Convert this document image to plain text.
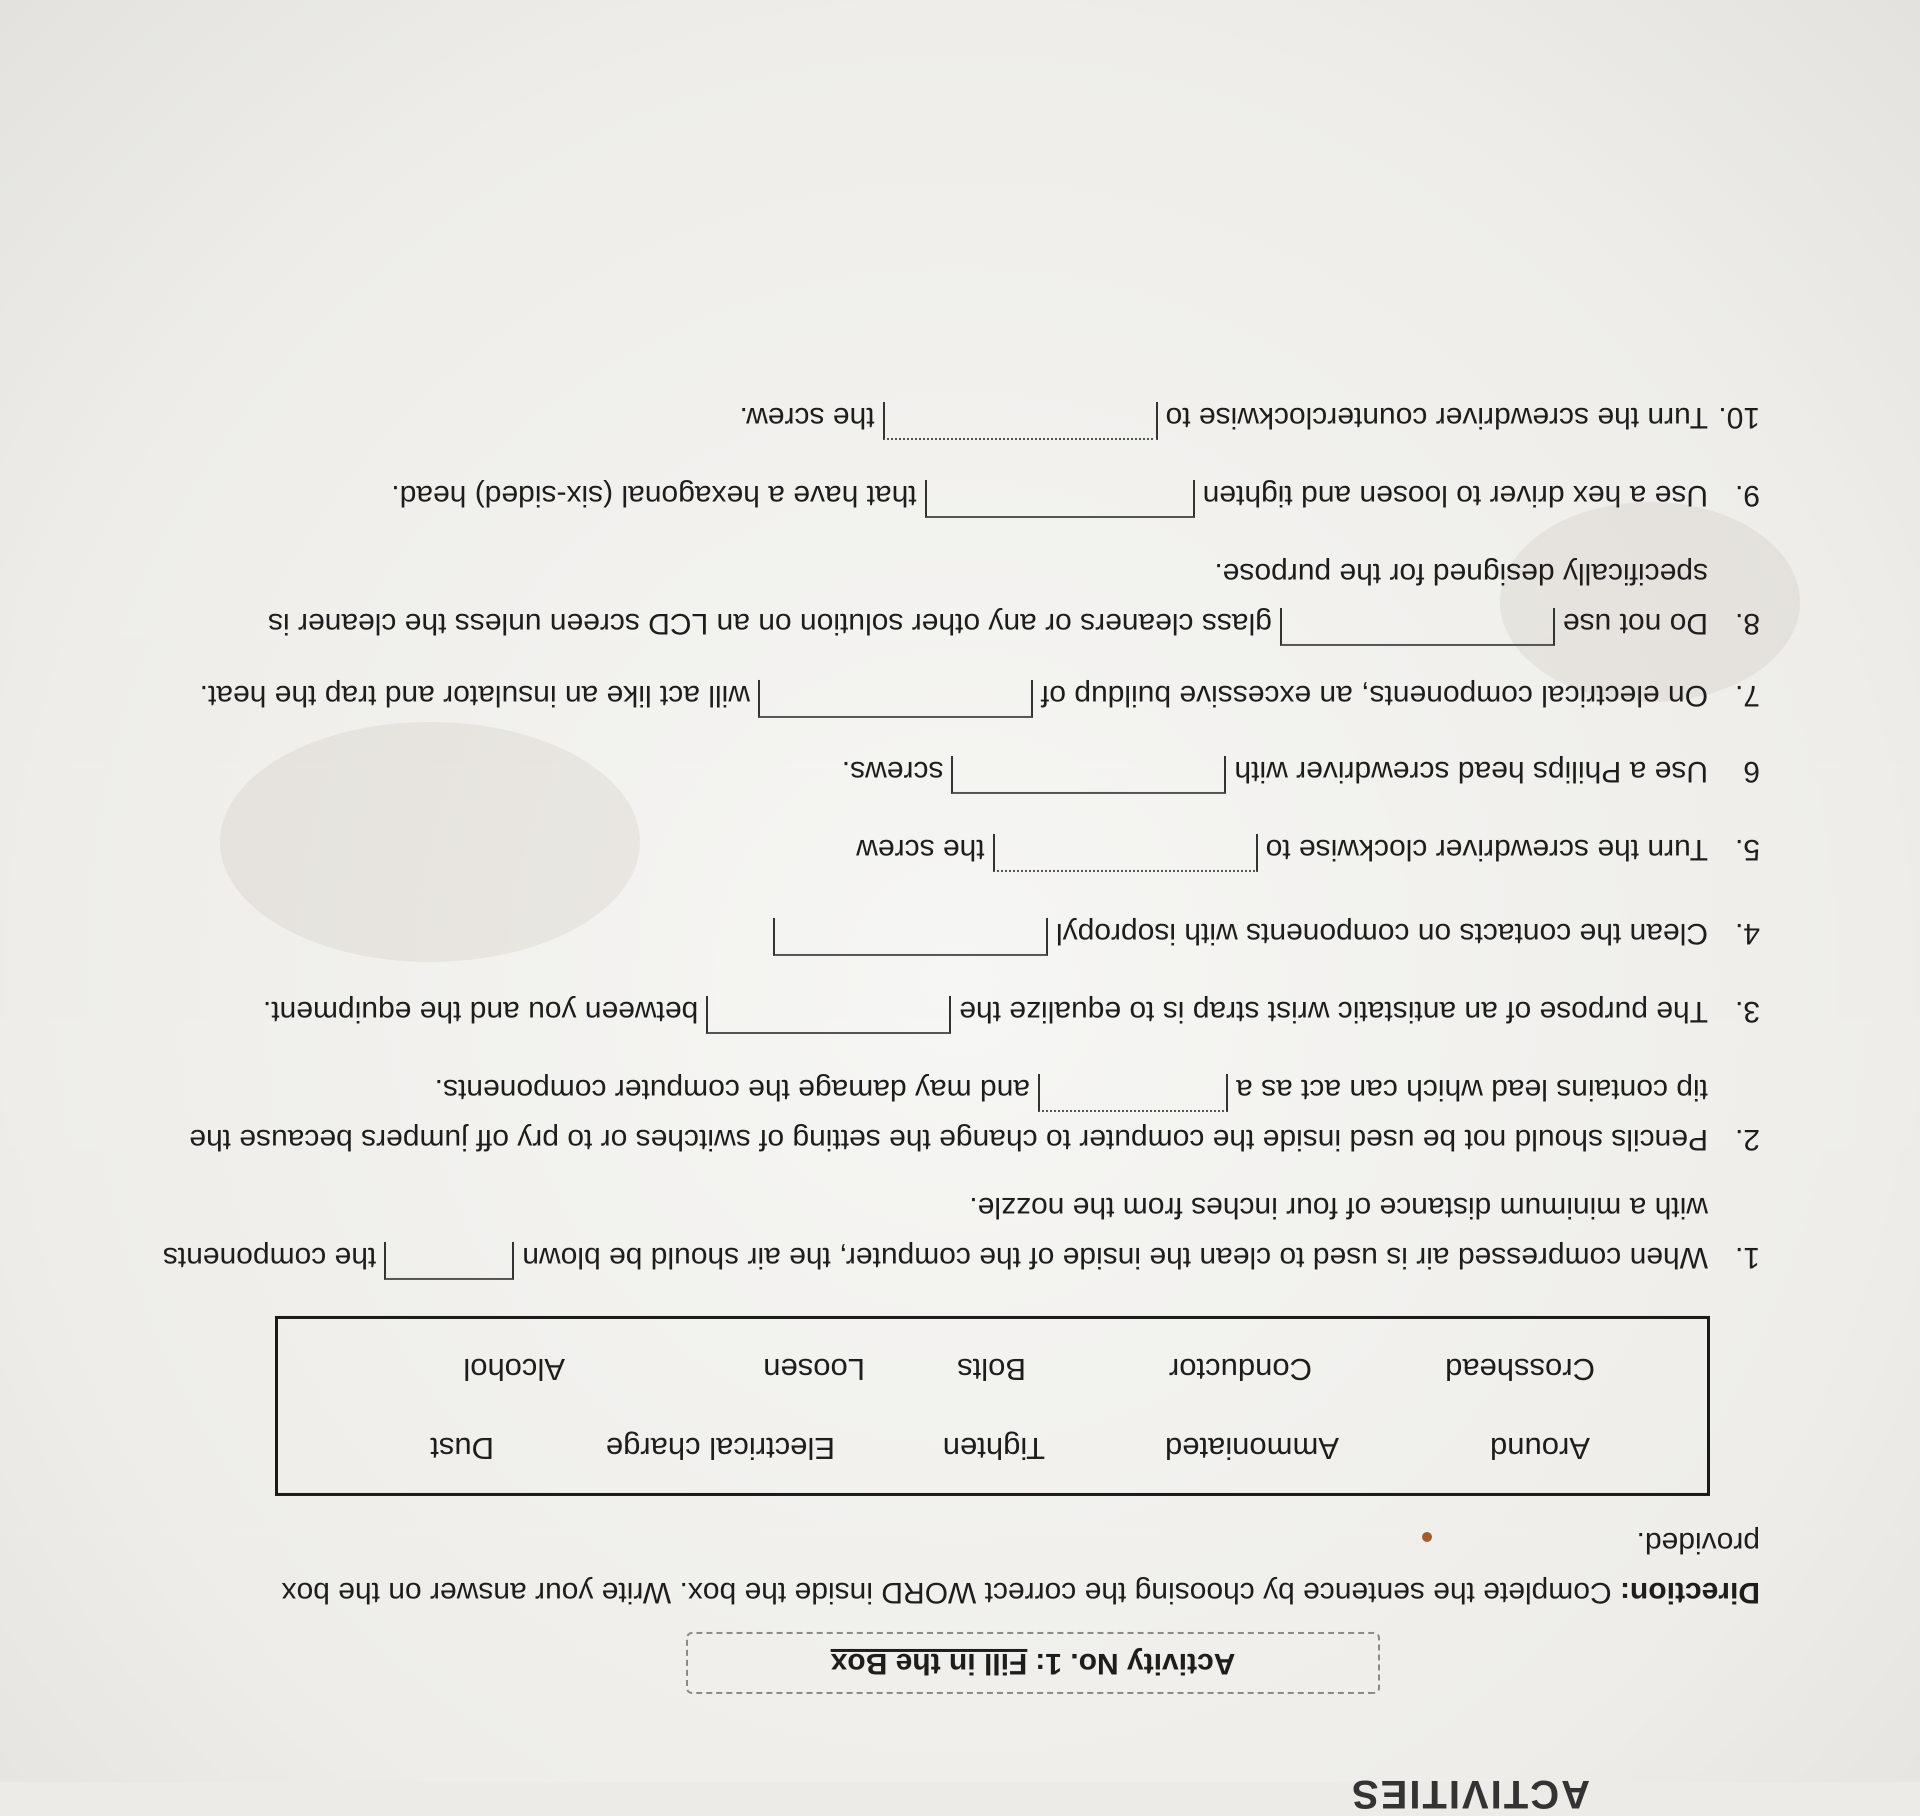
ACTIVITIES
Activity No. 1:
Fill in the Box
Direction: Complete the sentence by choosing the correct WORD inside the box. Write your answer on the box provided.
Around
Ammoniated
Tighten
Electrical charge
Dust
Crosshead
Conductor
Bolts
Loosen
Alcohol
1.
When compressed air is used to clean the inside of the computer, the air should be blownthe components with a minimum distance of four inches from the nozzle.
2.
Pencils should not be used inside the computer to change the setting of switches or to pry off jumpers because the tip contains lead which can act as aand may damage the computer components.
3.
The purpose of an antistatic wrist strap is to equalize thebetween you and the equipment.
4.
Clean the contacts on components with isopropyl
5.
Turn the screwdriver clockwise tothe screw
6
Use a Philips head screwdriver withscrews.
7.
On electrical components, an excessive buildup ofwill act like an insulator and trap the heat.
8.
Do not useglass cleaners or any other solution on an LCD screen unless the cleaner is specifically designed for the purpose.
9.
Use a hex driver to loosen and tightenthat have a hexagonal (six-sided) head.
10.
Turn the screwdriver counterclockwise tothe screw.
